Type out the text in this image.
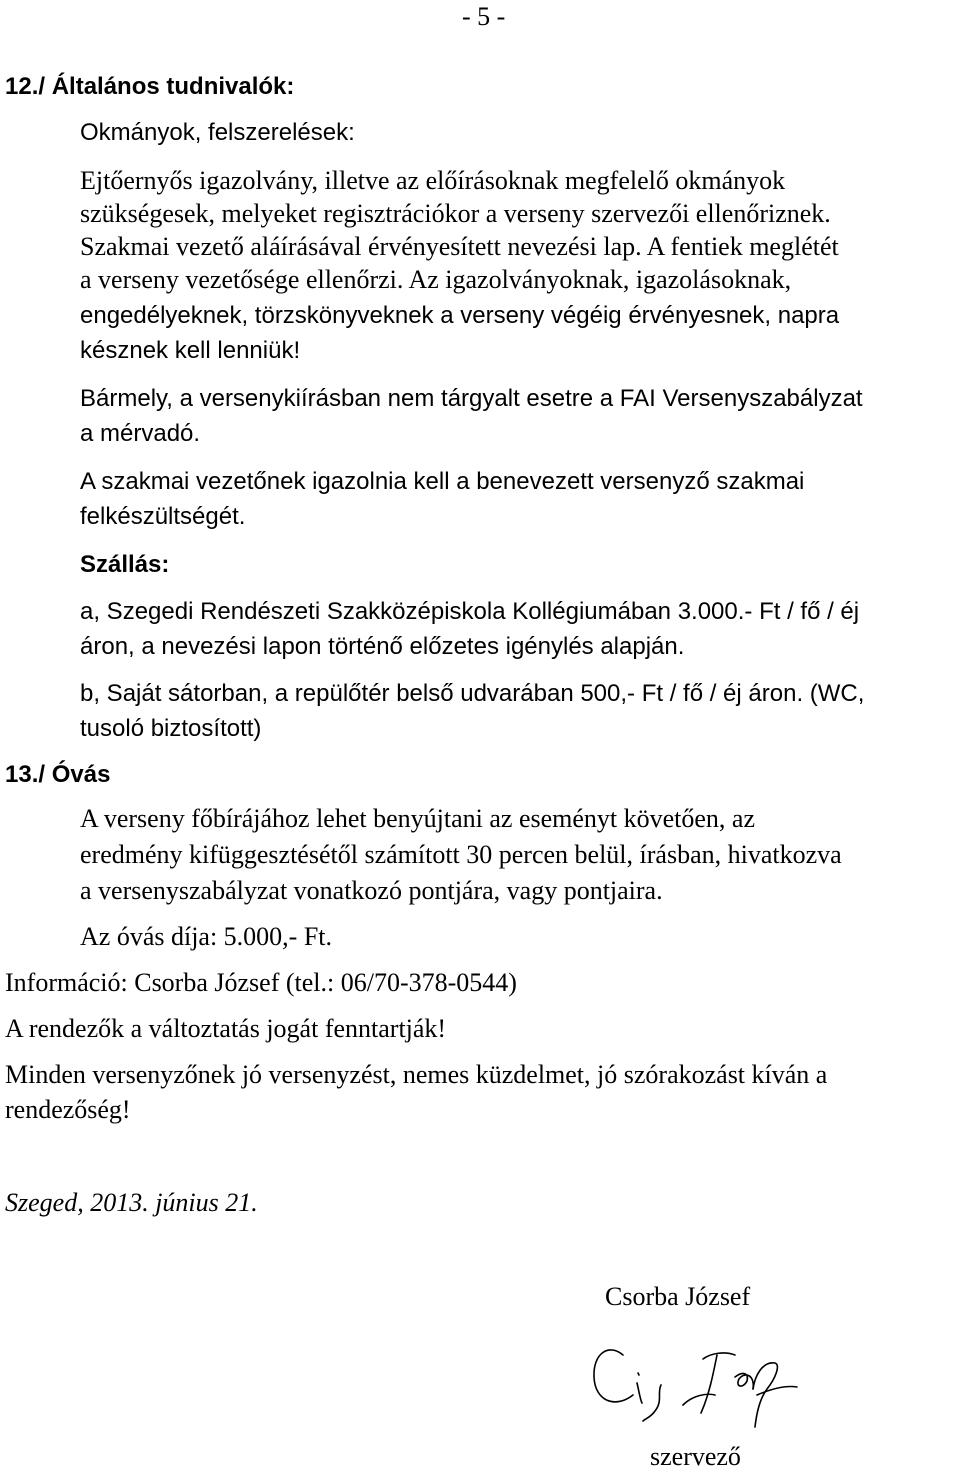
- 5 -
12./ Általános tudnivalók:
Okmányok, felszerelések:
Ejtőernyős igazolvány, illetve az előírásoknak megfelelő okmányok
szükségesek, melyeket regisztrációkor a verseny szervezői ellenőriznek.
Szakmai vezető aláírásával érvényesített nevezési lap. A fentiek meglétét
a verseny vezetősége ellenőrzi. Az igazolványoknak, igazolásoknak,
engedélyeknek, törzskönyveknek a verseny végéig érvényesnek, napra
késznek kell lenniük!
Bármely, a versenykiírásban nem tárgyalt esetre a FAI Versenyszabályzat
a mérvadó.
A szakmai vezetőnek igazolnia kell a benevezett versenyző szakmai
felkészültségét.
Szállás:
a, Szegedi Rendészeti Szakközépiskola Kollégiumában 3.000.- Ft / fő / éj
áron, a nevezési lapon történő előzetes igénylés alapján.
b, Saját sátorban, a repülőtér belső udvarában 500,- Ft / fő / éj áron. (WC,
tusoló biztosított)
13./ Óvás
A verseny főbírájához lehet benyújtani az eseményt követően, az
eredmény kifüggesztésétől számított 30 percen belül, írásban, hivatkozva
a versenyszabályzat vonatkozó pontjára, vagy pontjaira.
Az óvás díja: 5.000,- Ft.
Információ: Csorba József (tel.: 06/70-378-0544)
A rendezők a változtatás jogát fenntartják!
Minden versenyzőnek jó versenyzést, nemes küzdelmet, jó szórakozást kíván a
rendezőség!
Szeged, 2013. június 21.
Csorba József
szervező
